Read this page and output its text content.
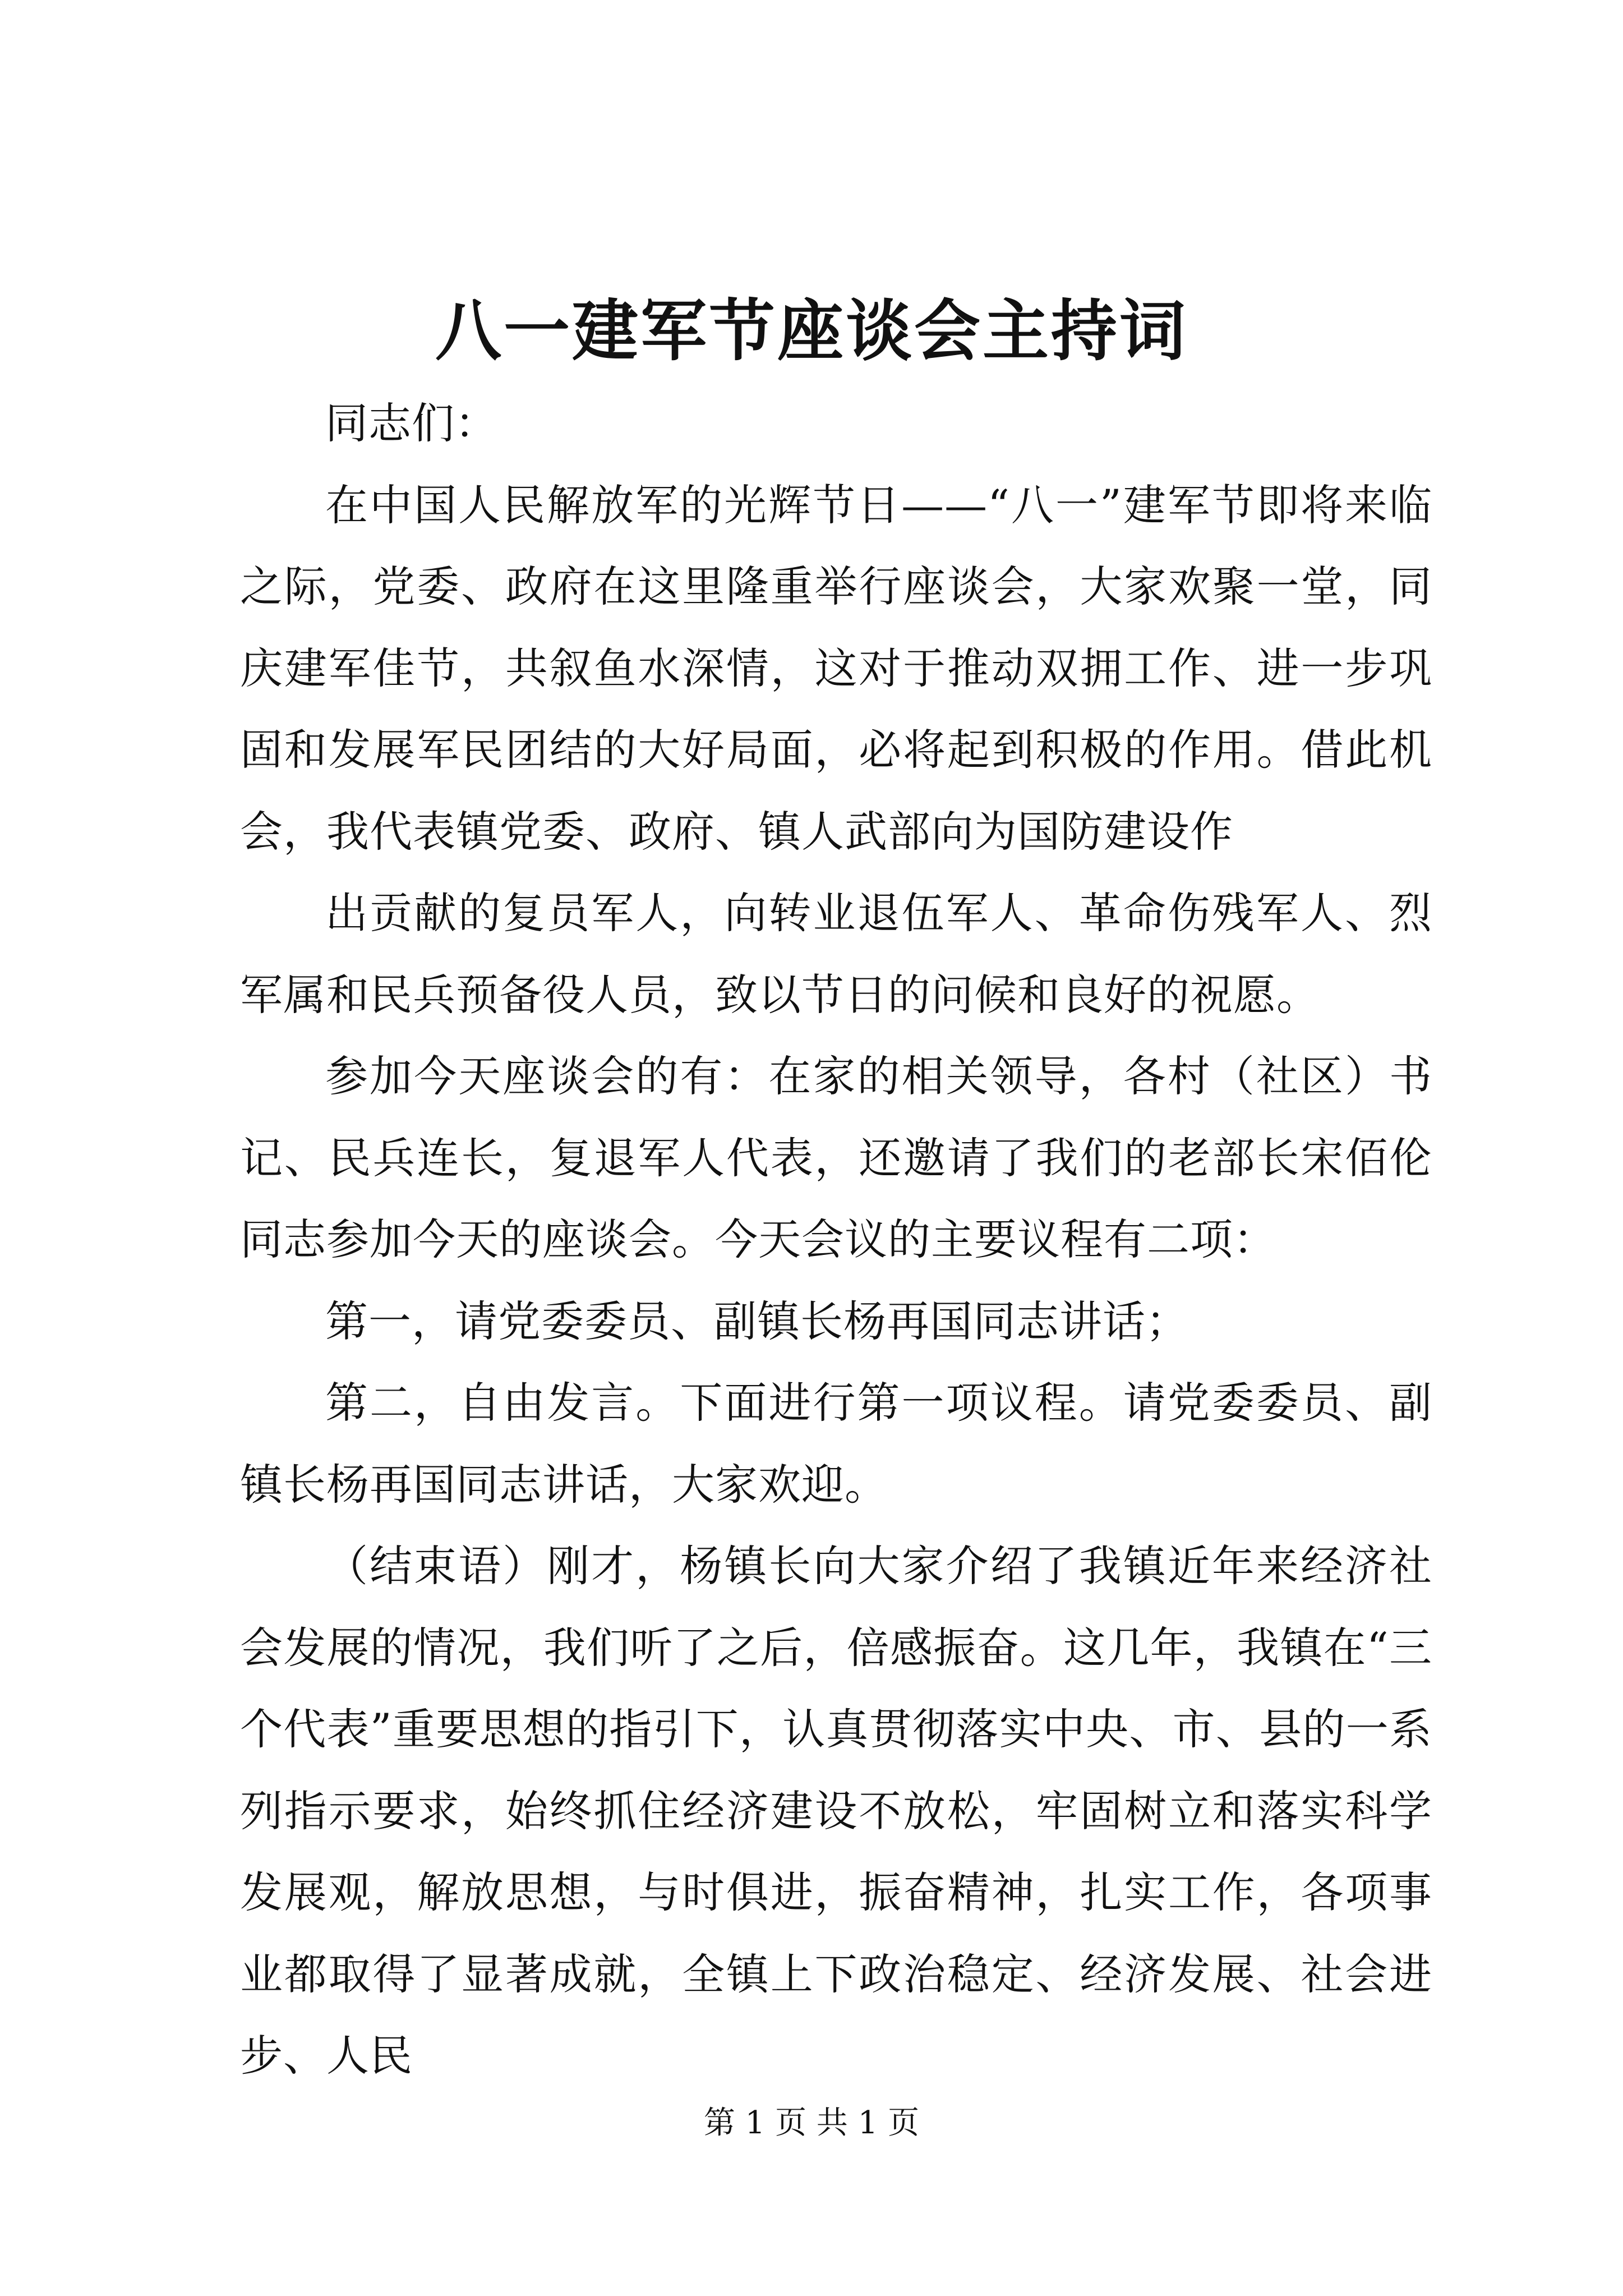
八一建军节座谈会主持词

同志们：

在中国人民解放军的光辉节日——“八一”建军节即将来临之际，党委、政府在这里隆重举行座谈会，大家欢聚一堂，同庆建军佳节，共叙鱼水深情，这对于推动双拥工作、进一步巩固和发展军民团结的大好局面，必将起到积极的作用。借此机会，我代表镇党委、政府、镇人武部向为国防建设作

出贡献的复员军人，向转业退伍军人、革命伤残军人、烈军属和民兵预备役人员，致以节日的问候和良好的祝愿。

参加今天座谈会的有：在家的相关领导，各村（社区）书记、民兵连长，复退军人代表，还邀请了我们的老部长宋佰伦同志参加今天的座谈会。今天会议的主要议程有二项：

第一，请党委委员、副镇长杨再国同志讲话；

第二，自由发言。下面进行第一项议程。请党委委员、副镇长杨再国同志讲话，大家欢迎。

（结束语）刚才，杨镇长向大家介绍了我镇近年来经济社会发展的情况，我们听了之后，倍感振奋。这几年，我镇在“三个代表”重要思想的指引下，认真贯彻落实中央、市、县的一系列指示要求，始终抓住经济建设不放松，牢固树立和落实科学发展观，解放思想，与时俱进，振奋精神，扎实工作，各项事业都取得了显著成就，全镇上下政治稳定、经济发展、社会进步、人民

第 1 页 共 1 页
